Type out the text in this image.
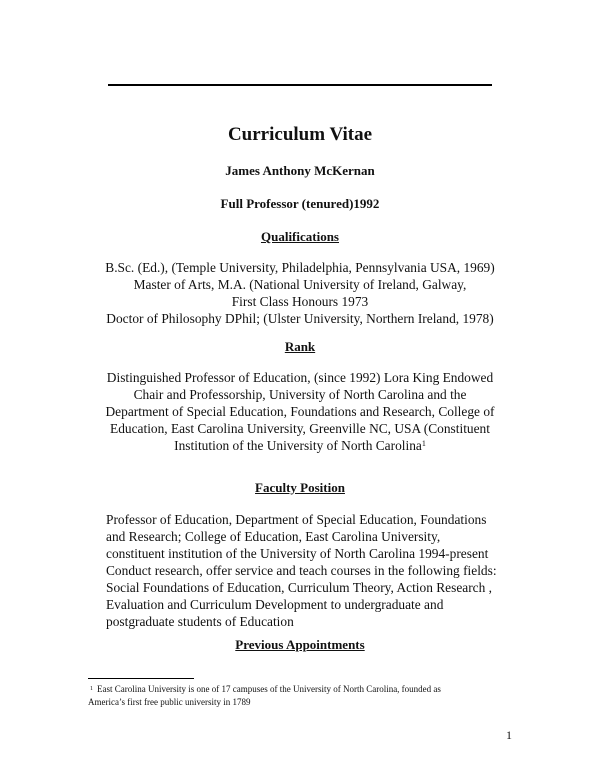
Curriculum Vitae
James Anthony McKernan
Full Professor (tenured)1992
Qualifications
B.Sc. (Ed.), (Temple University, Philadelphia, Pennsylvania USA, 1969)
Master of Arts, M.A. (National University of Ireland, Galway,
First Class Honours 1973
Doctor of Philosophy DPhil; (Ulster University, Northern Ireland, 1978)
Rank
Distinguished Professor of Education, (since 1992) Lora King Endowed
Chair and Professorship, University of North Carolina and the
Department of Special Education, Foundations and Research, College of
Education, East Carolina University, Greenville NC, USA (Constituent
Institution of the University of North Carolina$^1$
Faculty Position
Professor of Education, Department of Special Education, Foundations
and Research; College of Education, East Carolina University,
constituent institution of the University of North Carolina 1994-present
Conduct research, offer service and teach courses in the following fields:
Social Foundations of Education, Curriculum Theory, Action Research ,
Evaluation and Curriculum Development to undergraduate and
postgraduate students of Education
Previous Appointments
$^1$ East Carolina University is one of 17 campuses of the University of North Carolina, founded as
America’s first free public university in 1789
1
